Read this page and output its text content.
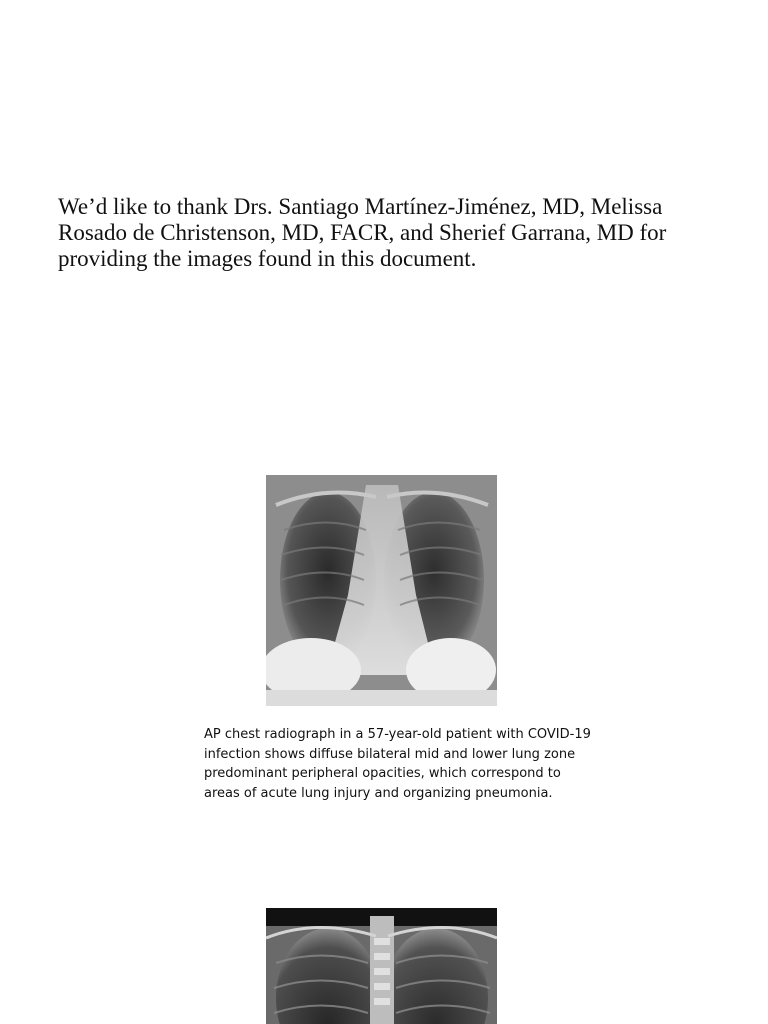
We’d like to thank Drs. Santiago Martínez-Jiménez, MD, Melissa
Rosado de Christenson, MD, FACR, and Sherief Garrana, MD for
providing the images found in this document.

AP chest radiograph in a 57-year-old patient with COVID-19
infection shows diffuse bilateral mid and lower lung zone
predominant peripheral opacities, which correspond to
areas of acute lung injury and organizing pneumonia.
